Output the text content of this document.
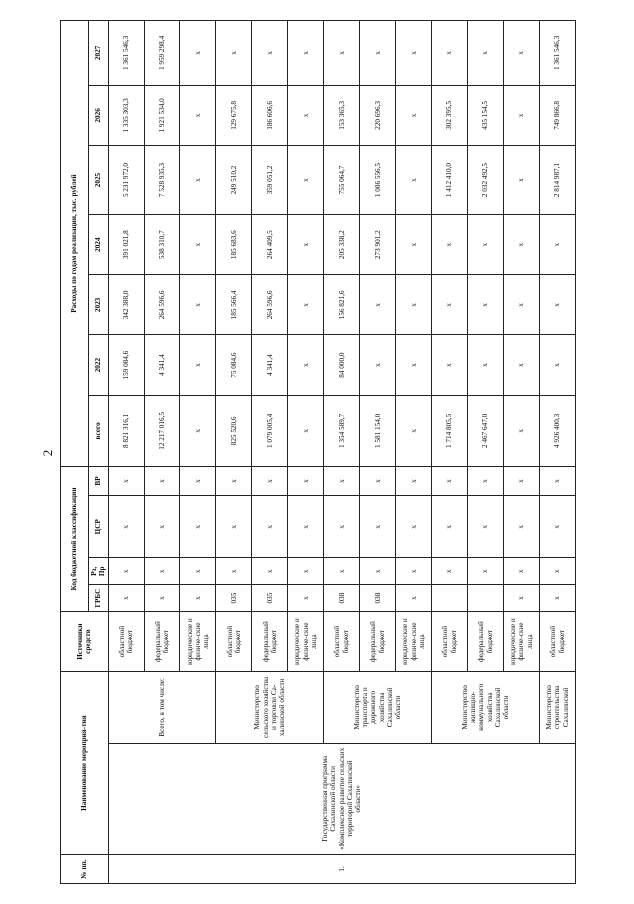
2
№ пп.	Наименование мероприя-тия		Источники средств	Код бюджетной классификации				Расходы по годам реализации, тыс. рублей						
				ГРБС	Рз, Пр	ЦСР	ВР	всего	2022	2023	2024	2025	2026	2027
1.	Государственная программа Сахалинской области «Комплексное развитие сельских территорий Сахалинской области»	Всего, в том числе:	областной бюджет	х	х	х	х	8 821 316,1	159 084,6	342 388,0	391 021,8	5 231 972,0	1 335 303,3	1 361 546,3
			федеральный бюджет	х	х	х	х	12 217 016,5	4 341,4	264 596,6	538 310,7	7 528 935,3	1 921 534,0	1 959 298,4
			юридические и физиче-ские лица	х	х	х	х	х	х	х	х	х	х	х
		Министерство сельского хозяйства и торговли Са-халинской области	областной бюджет	035	х	х	х	825 520,6	75 084,6	185 566,4	185 683,6	249 510,2	129 675,8	х
			федеральный бюджет	035	х	х	х	1 079 005,4	4 341,4	264 596,6	264 409,5	359 051,2	186 606,6	х
			юридические и физиче-ские лица	х	х	х	х	х	х	х	х	х	х	х
		Министерство транспорта и дорожного хозяйства Сахалинской области	областной бюджет	038	х	х	х	1 354 589,7	84 000,0	156 821,6	205 338,2	755 064,7	153 365,3	х
			федеральный бюджет	038	х	х	х	1 581 154,0	х	х	273 901,2	1 086 556,5	220 696,3	х
			юридические и физиче-ские лица	х	х	х	х	х	х	х	х	х	х	х
		Министерство жилищно-коммунального хозяйства Сахалинской области	областной бюджет		х	х	х	1 714 805,5	х	х	х	1 412 410,0	302 395,5	х
			федеральный бюджет		х	х	х	2 467 647,0	х	х	х	2 032 492,5	435 154,5	х
			юридические и физиче-ские лица	х	х	х	х	х	х	х	х	х	х	х
		Министерство строительства Сахалинской	областной бюджет	х	х	х	х	4 926 400,3	х	х	х	2 814 987,1	749 866,8	1 361 546,3
